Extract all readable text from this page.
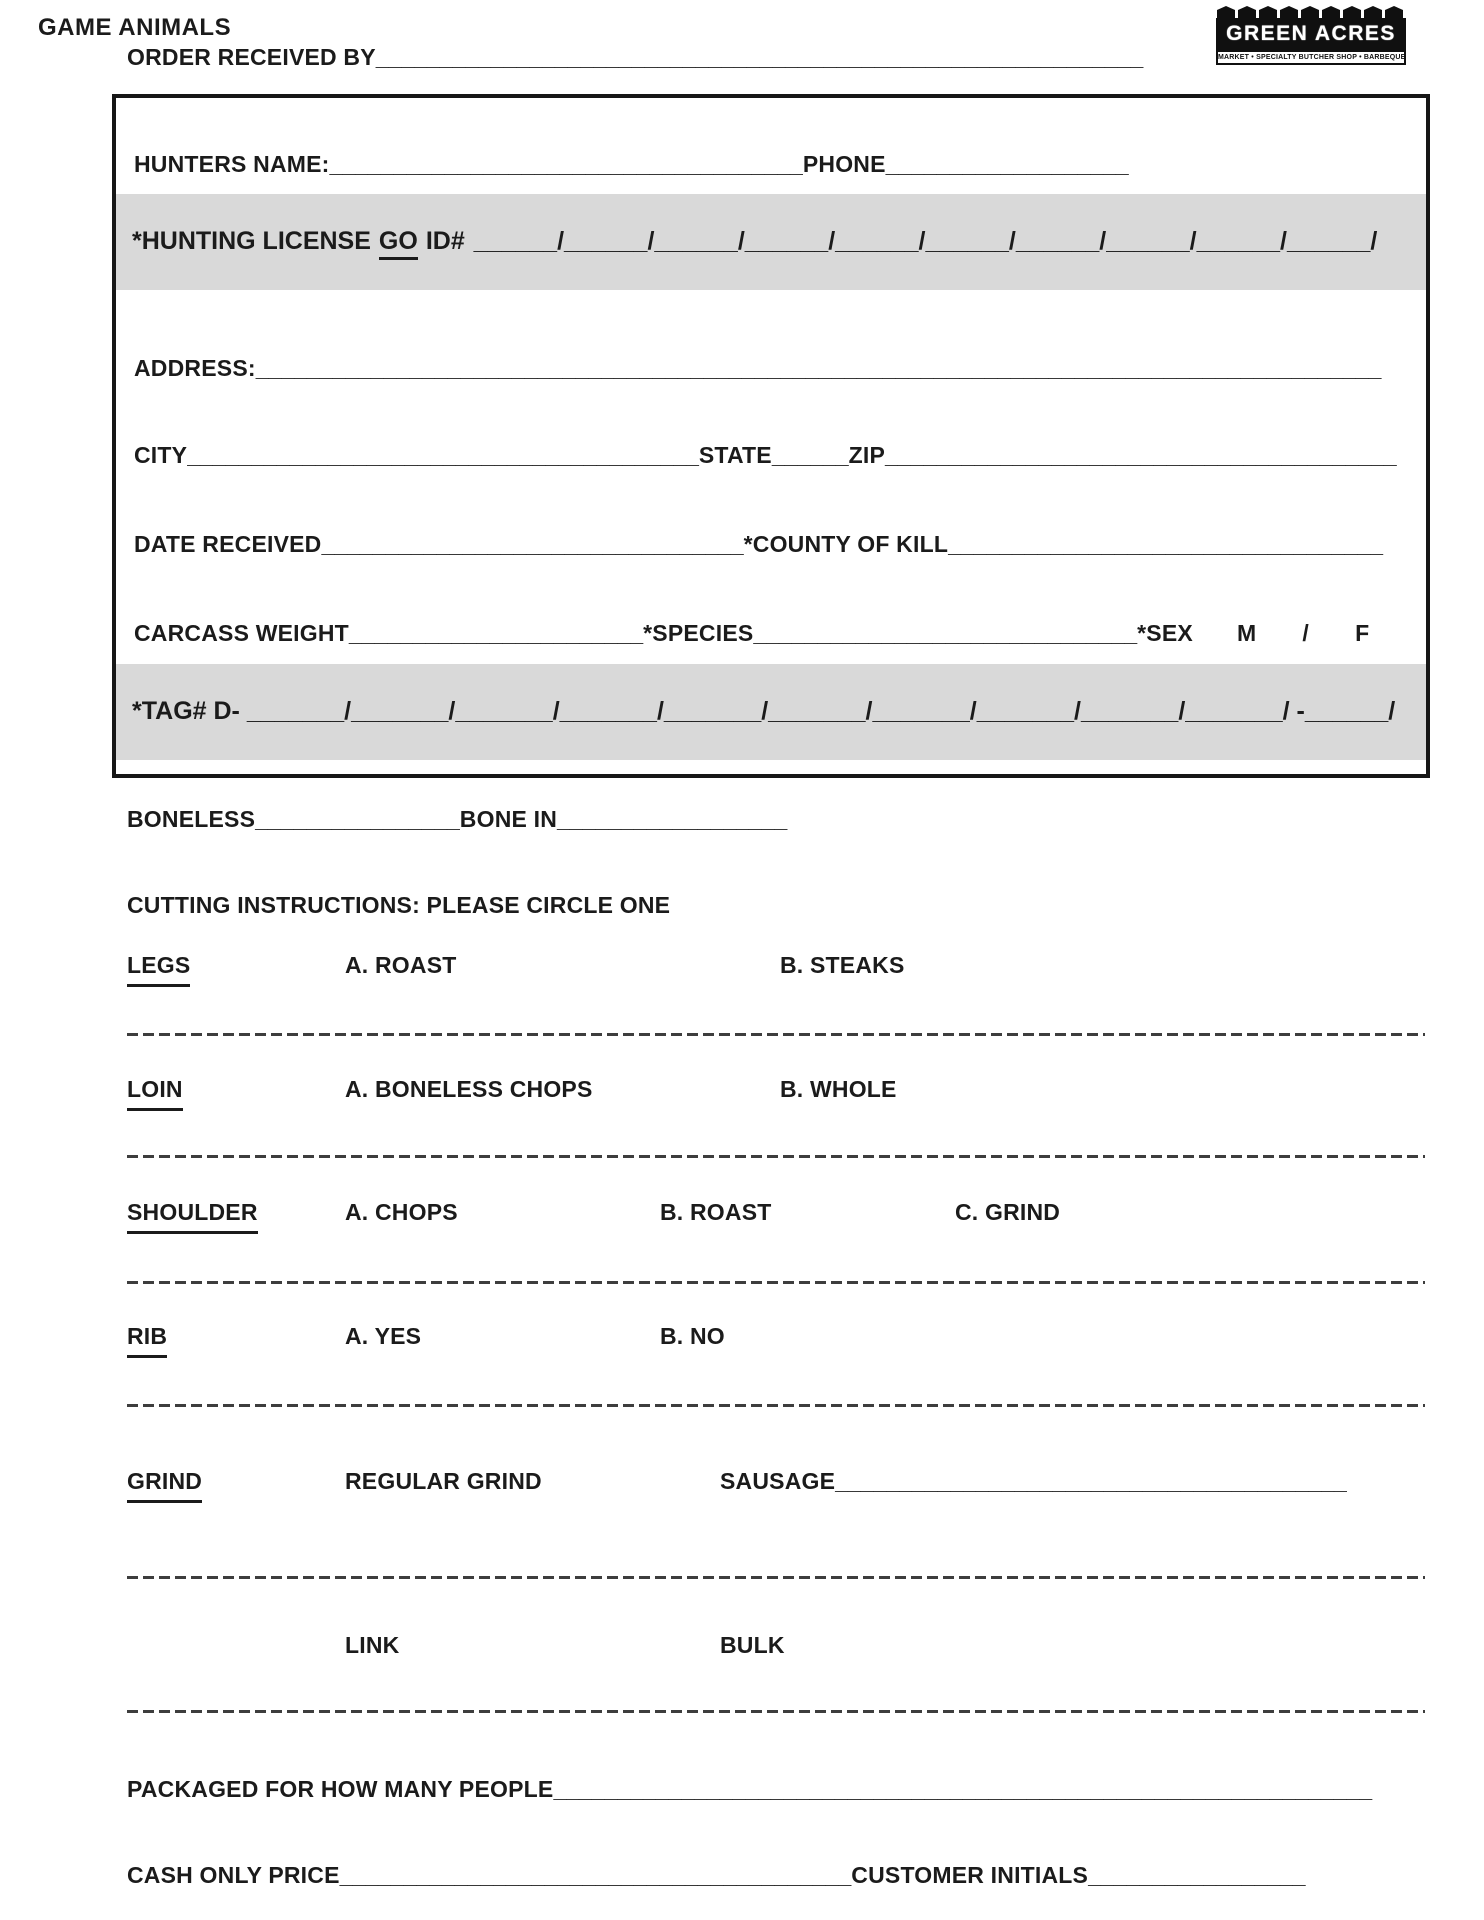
GAME ANIMALS
ORDER RECEIVED BY____________________________________________________________
GREEN ACRES
MARKET • SPECIALTY BUTCHER SHOP • BARBEQUE
HUNTERS NAME:_____________________________________PHONE___________________
*HUNTING LICENSE GO ID# ______/______/______/______/______/______/______/______/______/______/
ADDRESS:________________________________________________________________________________________
CITY________________________________________STATE______ZIP________________________________________
DATE RECEIVED_________________________________*COUNTY OF KILL__________________________________
CARCASS WEIGHT_______________________*SPECIES______________________________*SEX M       /       F
*TAG# D- _______/_______/_______/_______/_______/_______/_______/_______/_______/_______/ -______/
BONELESS________________BONE IN__________________
CUTTING INSTRUCTIONS: PLEASE CIRCLE ONE
LEGS	A. ROAST	B. STEAKS
LOIN	A. BONELESS CHOPS	B. WHOLE
SHOULDER	A. CHOPS	B. ROAST	C. GRIND
RIB	A. YES	B. NO
GRIND	REGULAR GRIND	SAUSAGE________________________________________
LINK	BULK
PACKAGED FOR HOW MANY PEOPLE________________________________________________________________
CASH ONLY PRICE________________________________________CUSTOMER INITIALS_________________
